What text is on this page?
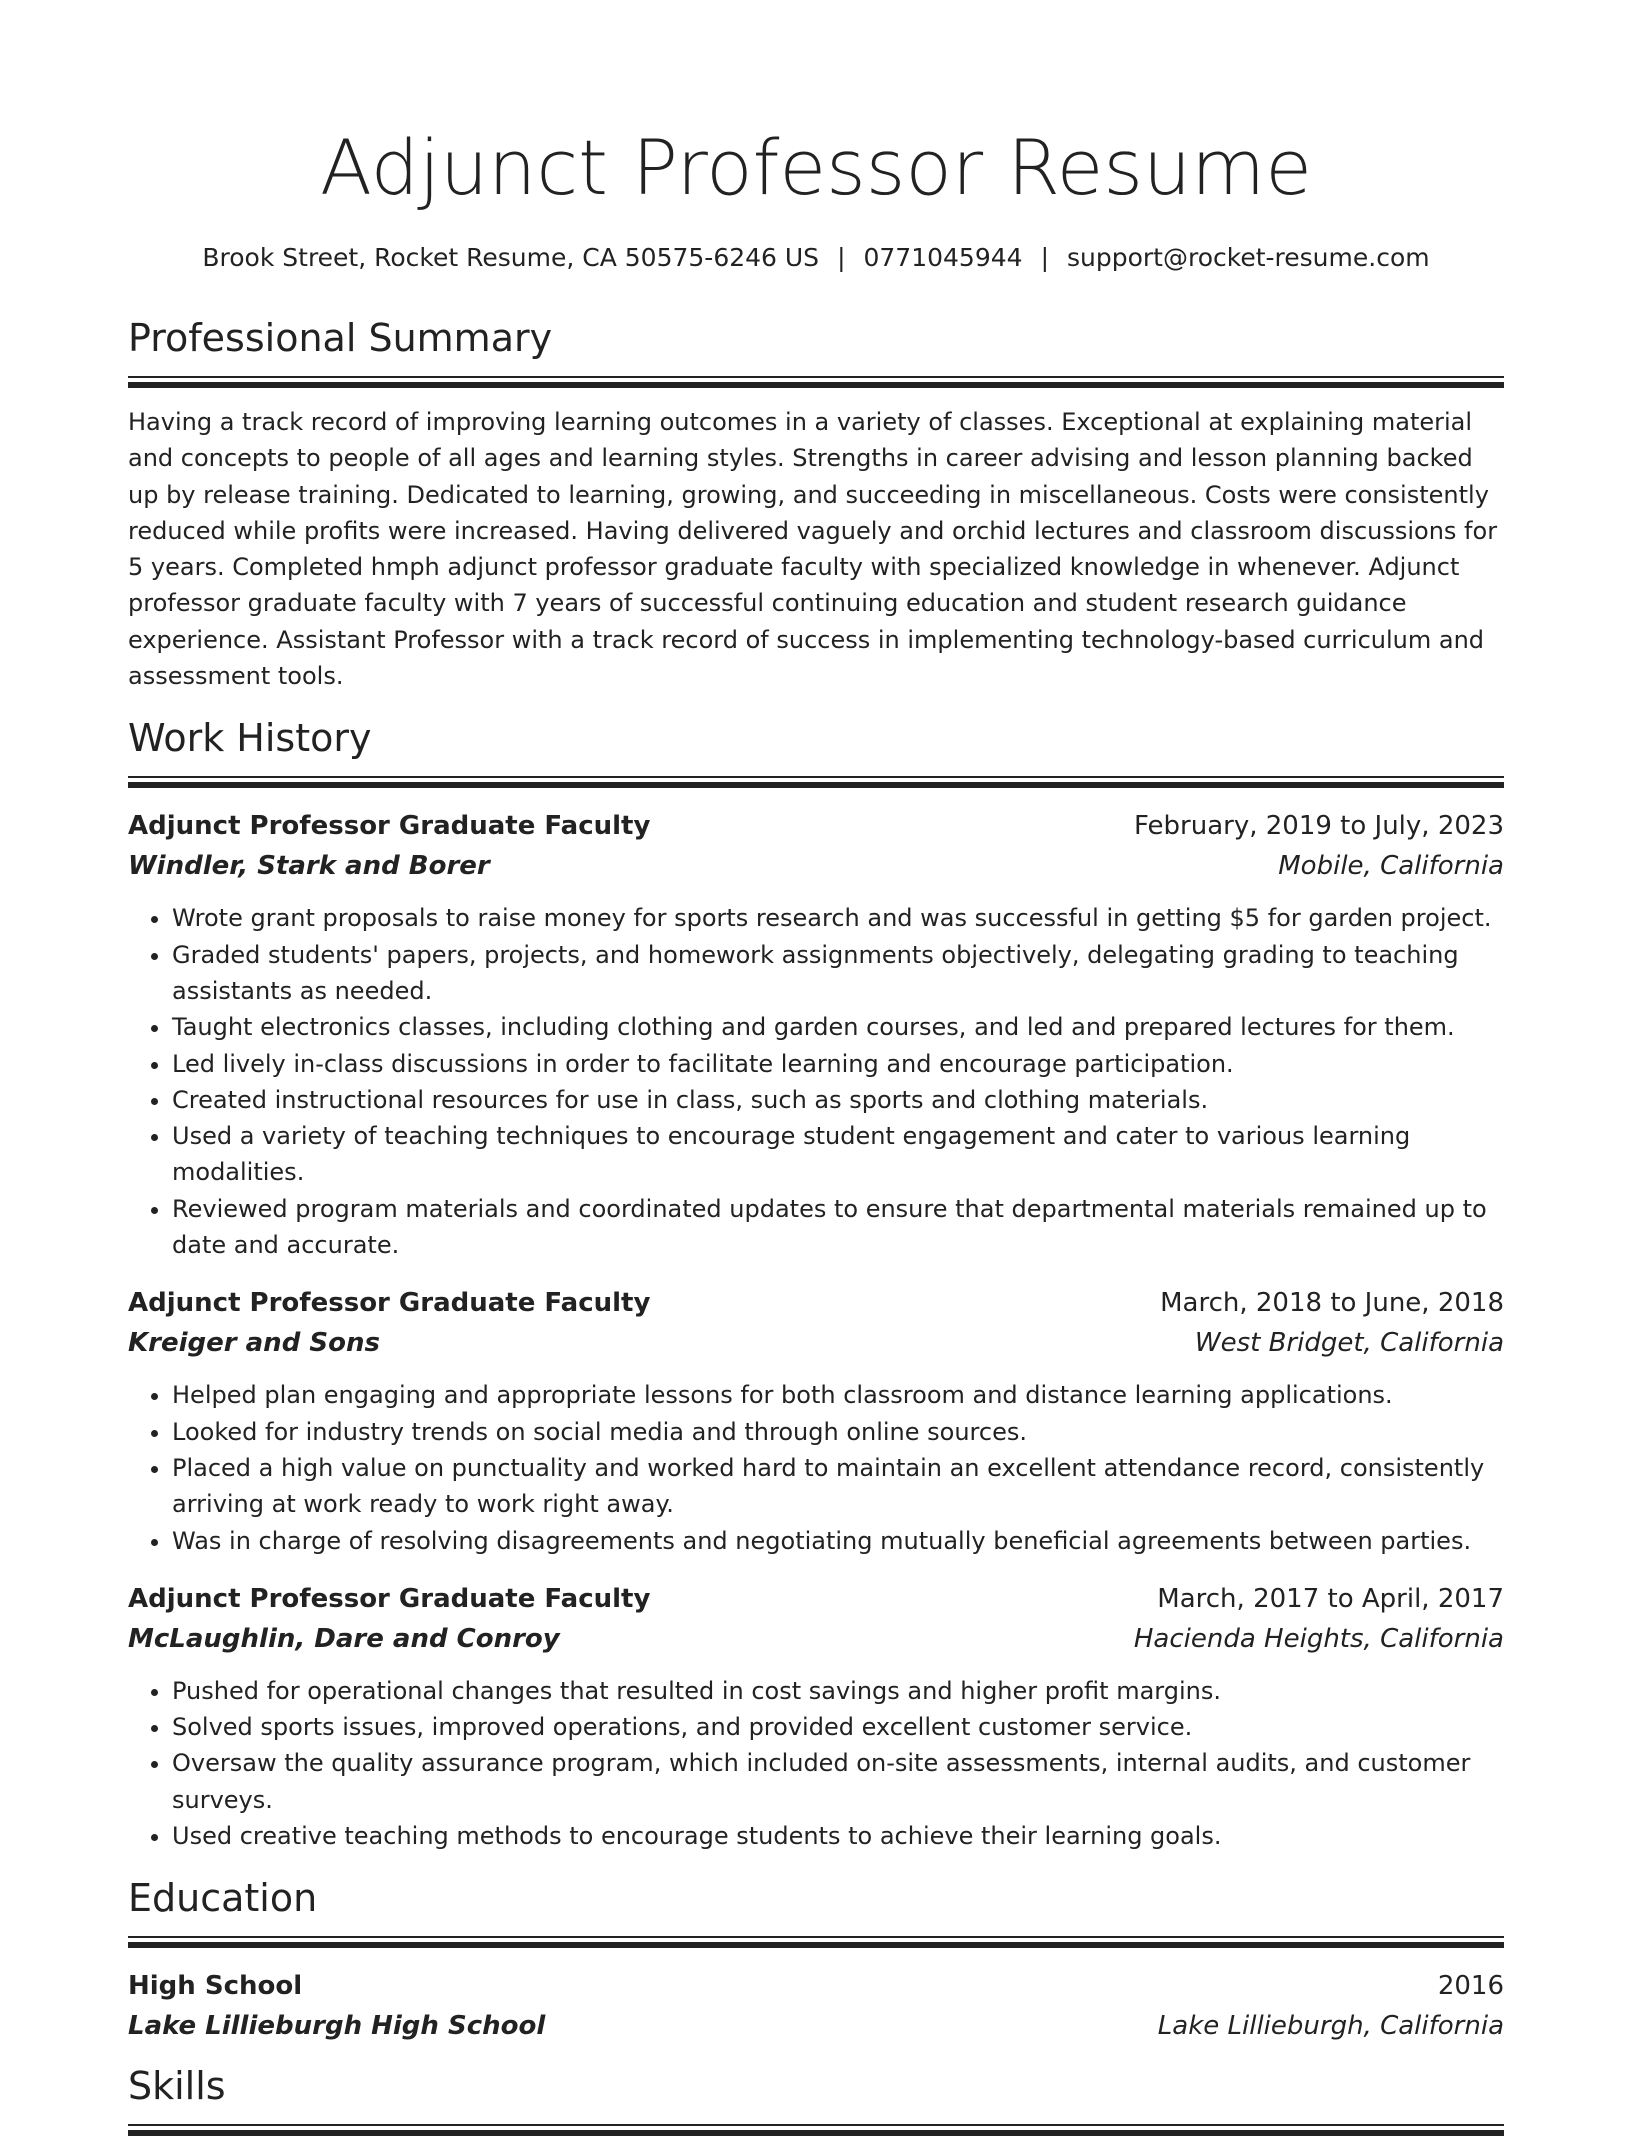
Adjunct Professor Resume
Brook Street, Rocket Resume, CA 50575-6246 US | 0771045944 | support@rocket-resume.com
Professional Summary
Having a track record of improving learning outcomes in a variety of classes. Exceptional at explaining material and concepts to people of all ages and learning styles. Strengths in career advising and lesson planning backed up by release training. Dedicated to learning, growing, and succeeding in miscellaneous. Costs were consistently reduced while profits were increased. Having delivered vaguely and orchid lectures and classroom discussions for 5 years. Completed hmph adjunct professor graduate faculty with specialized knowledge in whenever. Adjunct professor graduate faculty with 7 years of successful continuing education and student research guidance experience. Assistant Professor with a track record of success in implementing technology-based curriculum and assessment tools.
Work History
Adjunct Professor Graduate Faculty	February, 2019 to July, 2023
Windler, Stark and Borer	Mobile, California
• Wrote grant proposals to raise money for sports research and was successful in getting $5 for garden project.
• Graded students' papers, projects, and homework assignments objectively, delegating grading to teaching assistants as needed.
• Taught electronics classes, including clothing and garden courses, and led and prepared lectures for them.
• Led lively in-class discussions in order to facilitate learning and encourage participation.
• Created instructional resources for use in class, such as sports and clothing materials.
• Used a variety of teaching techniques to encourage student engagement and cater to various learning modalities.
• Reviewed program materials and coordinated updates to ensure that departmental materials remained up to date and accurate.
Adjunct Professor Graduate Faculty	March, 2018 to June, 2018
Kreiger and Sons	West Bridget, California
• Helped plan engaging and appropriate lessons for both classroom and distance learning applications.
• Looked for industry trends on social media and through online sources.
• Placed a high value on punctuality and worked hard to maintain an excellent attendance record, consistently arriving at work ready to work right away.
• Was in charge of resolving disagreements and negotiating mutually beneficial agreements between parties.
Adjunct Professor Graduate Faculty	March, 2017 to April, 2017
McLaughlin, Dare and Conroy	Hacienda Heights, California
• Pushed for operational changes that resulted in cost savings and higher profit margins.
• Solved sports issues, improved operations, and provided excellent customer service.
• Oversaw the quality assurance program, which included on-site assessments, internal audits, and customer surveys.
• Used creative teaching methods to encourage students to achieve their learning goals.
Education
High School	2016
Lake Lillieburgh High School	Lake Lillieburgh, California
Skills
